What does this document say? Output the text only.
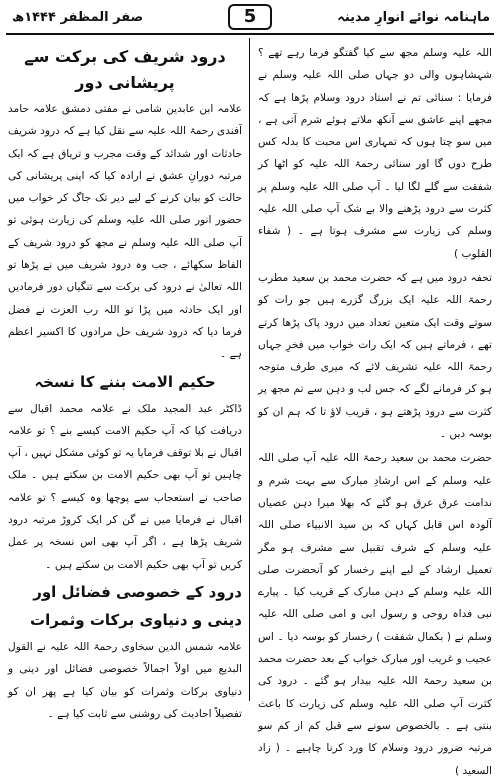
ماہنامہ نوائے انوارِ مدینہ
5
صفر المظفر ۱۴۴۴ھ

اللہ علیہ وسلم مجھ سے کیا گفتگو فرما رہے تھے ؟ شہشاہوں والی دو جہاں صلی اللہ علیہ وسلم نے فرمایا : سنائی تم نے استاد درود وسلام پڑھا ہے کہ مجھے اپنے عاشق سے آنکھ ملاتے ہوئے شرم آتی ہے ، میں سو چتا ہوں کہ تمہاری اس محبت کا بدلہ کس طرح دوں گا اور سنائی رحمۃ اللہ علیہ کو اٹھا کر شفقت سے گلے لگا لیا ۔ آپ صلی اللہ علیہ وسلم پر کثرت سے درود پڑھنے والا بے شک آپ صلی اللہ علیہ وسلم کی زیارت سے مشرف ہوتا ہے ۔ ( شفاء القلوب )

تحفہ درود میں ہے کہ حضرت محمد بن سعید مطرب رحمۃ اللہ علیہ ایک بزرگ گزرے ہیں جو رات کو سوتے وقت ایک متعین تعداد میں درود پاک پڑھا کرتے تھے ، فرماتے ہیں کہ ایک رات خواب میں فخرِ جہاں رحمۃ اللہ علیہ تشریف لائے کہ میری طرف متوجہ ہو کر فرمانے لگے کہ جس لب و دہن سے تم مجھ پر کثرت سے درود پڑھتے ہو ، قریب لاؤ تا کہ ہم ان کو بوسہ دیں ۔

حضرت محمد بن سعید رحمۃ اللہ علیہ آپ صلی اللہ علیہ وسلم کے اس ارشادِ مبارک سے بہت شرم و ندامت عرق عرق ہو گئے کہ بھلا میرا دہن عصیاں آلودہ اس قابل کہاں کہ بن سید الانبیاء صلی اللہ علیہ وسلم کے شرف تقبیل سے مشرف ہو مگر تعمیل ارشاد کے لیے اپنے رخسار کو آنحضرت صلی اللہ علیہ وسلم کے دہن مبارک کے قریب کیا ۔ پیارے نبی فداہ روحی و رسول ابی و امی صلی اللہ علیہ وسلم نے ( بکمال شفقت ) رخسار کو بوسہ دیا ۔ اس عجیب و غریب اور مبارک خواب کے بعد حضرت محمد بن سعید رحمۃ اللہ علیہ بیدار ہو گئے ۔ درود کی کثرت آپ صلی اللہ علیہ وسلم کی زیارت کا باعث بنتی ہے ۔ بالخصوص سونے سے قبل کم از کم سو مرتبہ ضرور درود وسلام کا ورد کرنا چاہیے ۔ ( زاد السعید )

درود شریف کی برکت سے پریشانی دور

علامہ ابن عابدین شامی نے مفتی دمشق علامہ حامد آفندی رحمۃ اللہ علیہ سے نقل کیا ہے کہ درود شریف حادثات اور شدائد کے وقت مجرب و تریاق ہے کہ ایک مرتبہ دورانِ عشق نے ارادہ کیا کہ اپنی پریشانی کی حالت کو بیان کرنے کے لیے دیر تک جاگ کر خواب میں حضور انور صلی اللہ علیہ وسلم کی زیارت ہوئی تو آپ صلی اللہ علیہ وسلم نے مجھ کو درود شریف کے الفاظ سکھائے ، جب وہ درود شریف میں نے پڑھا تو اللہ تعالیٰ نے درود کی برکت سے تنگیاں دور فرمادیں اور ایک حادثہ میں پڑا تو اللہ رب العزت نے فضل فرما دیا کہ درود شریف حل مرادوں کا اکسیر اعظم ہے ۔

حکیم الامت بننے کا نسخہ

ڈاکٹر عبد المجید ملک نے علامہ محمد اقبال سے دریافت کیا کہ آپ حکیم الامت کیسے بنے ؟ تو علامہ اقبال نے بلا توقف فرمایا یہ تو کوئی مشکل نہیں ، آپ چاہیں تو آپ بھی حکیم الامت بن سکتے ہیں ۔ ملک صاحب نے استعجاب سے پوچھا وہ کیسے ؟ تو علامہ اقبال نے فرمایا میں نے گن کر ایک کروڑ مرتبہ درود شریف پڑھا ہے ، اگر آپ بھی اس نسخہ پر عمل کریں تو آپ بھی حکیم الامت بن سکتے ہیں ۔

درود کے خصوصی فضائل اور دینی و دنیاوی برکات وثمرات

علامہ شمس الدین سخاوی رحمۃ اللہ علیہ نے القول البدیع میں اولاً اجمالاً خصوصی فضائل اور دینی و دنیاوی برکات وثمرات کو بیان کیا ہے پھر ان کو تفصیلاً احادیث کی روشنی سے ثابت کیا ہے ۔
